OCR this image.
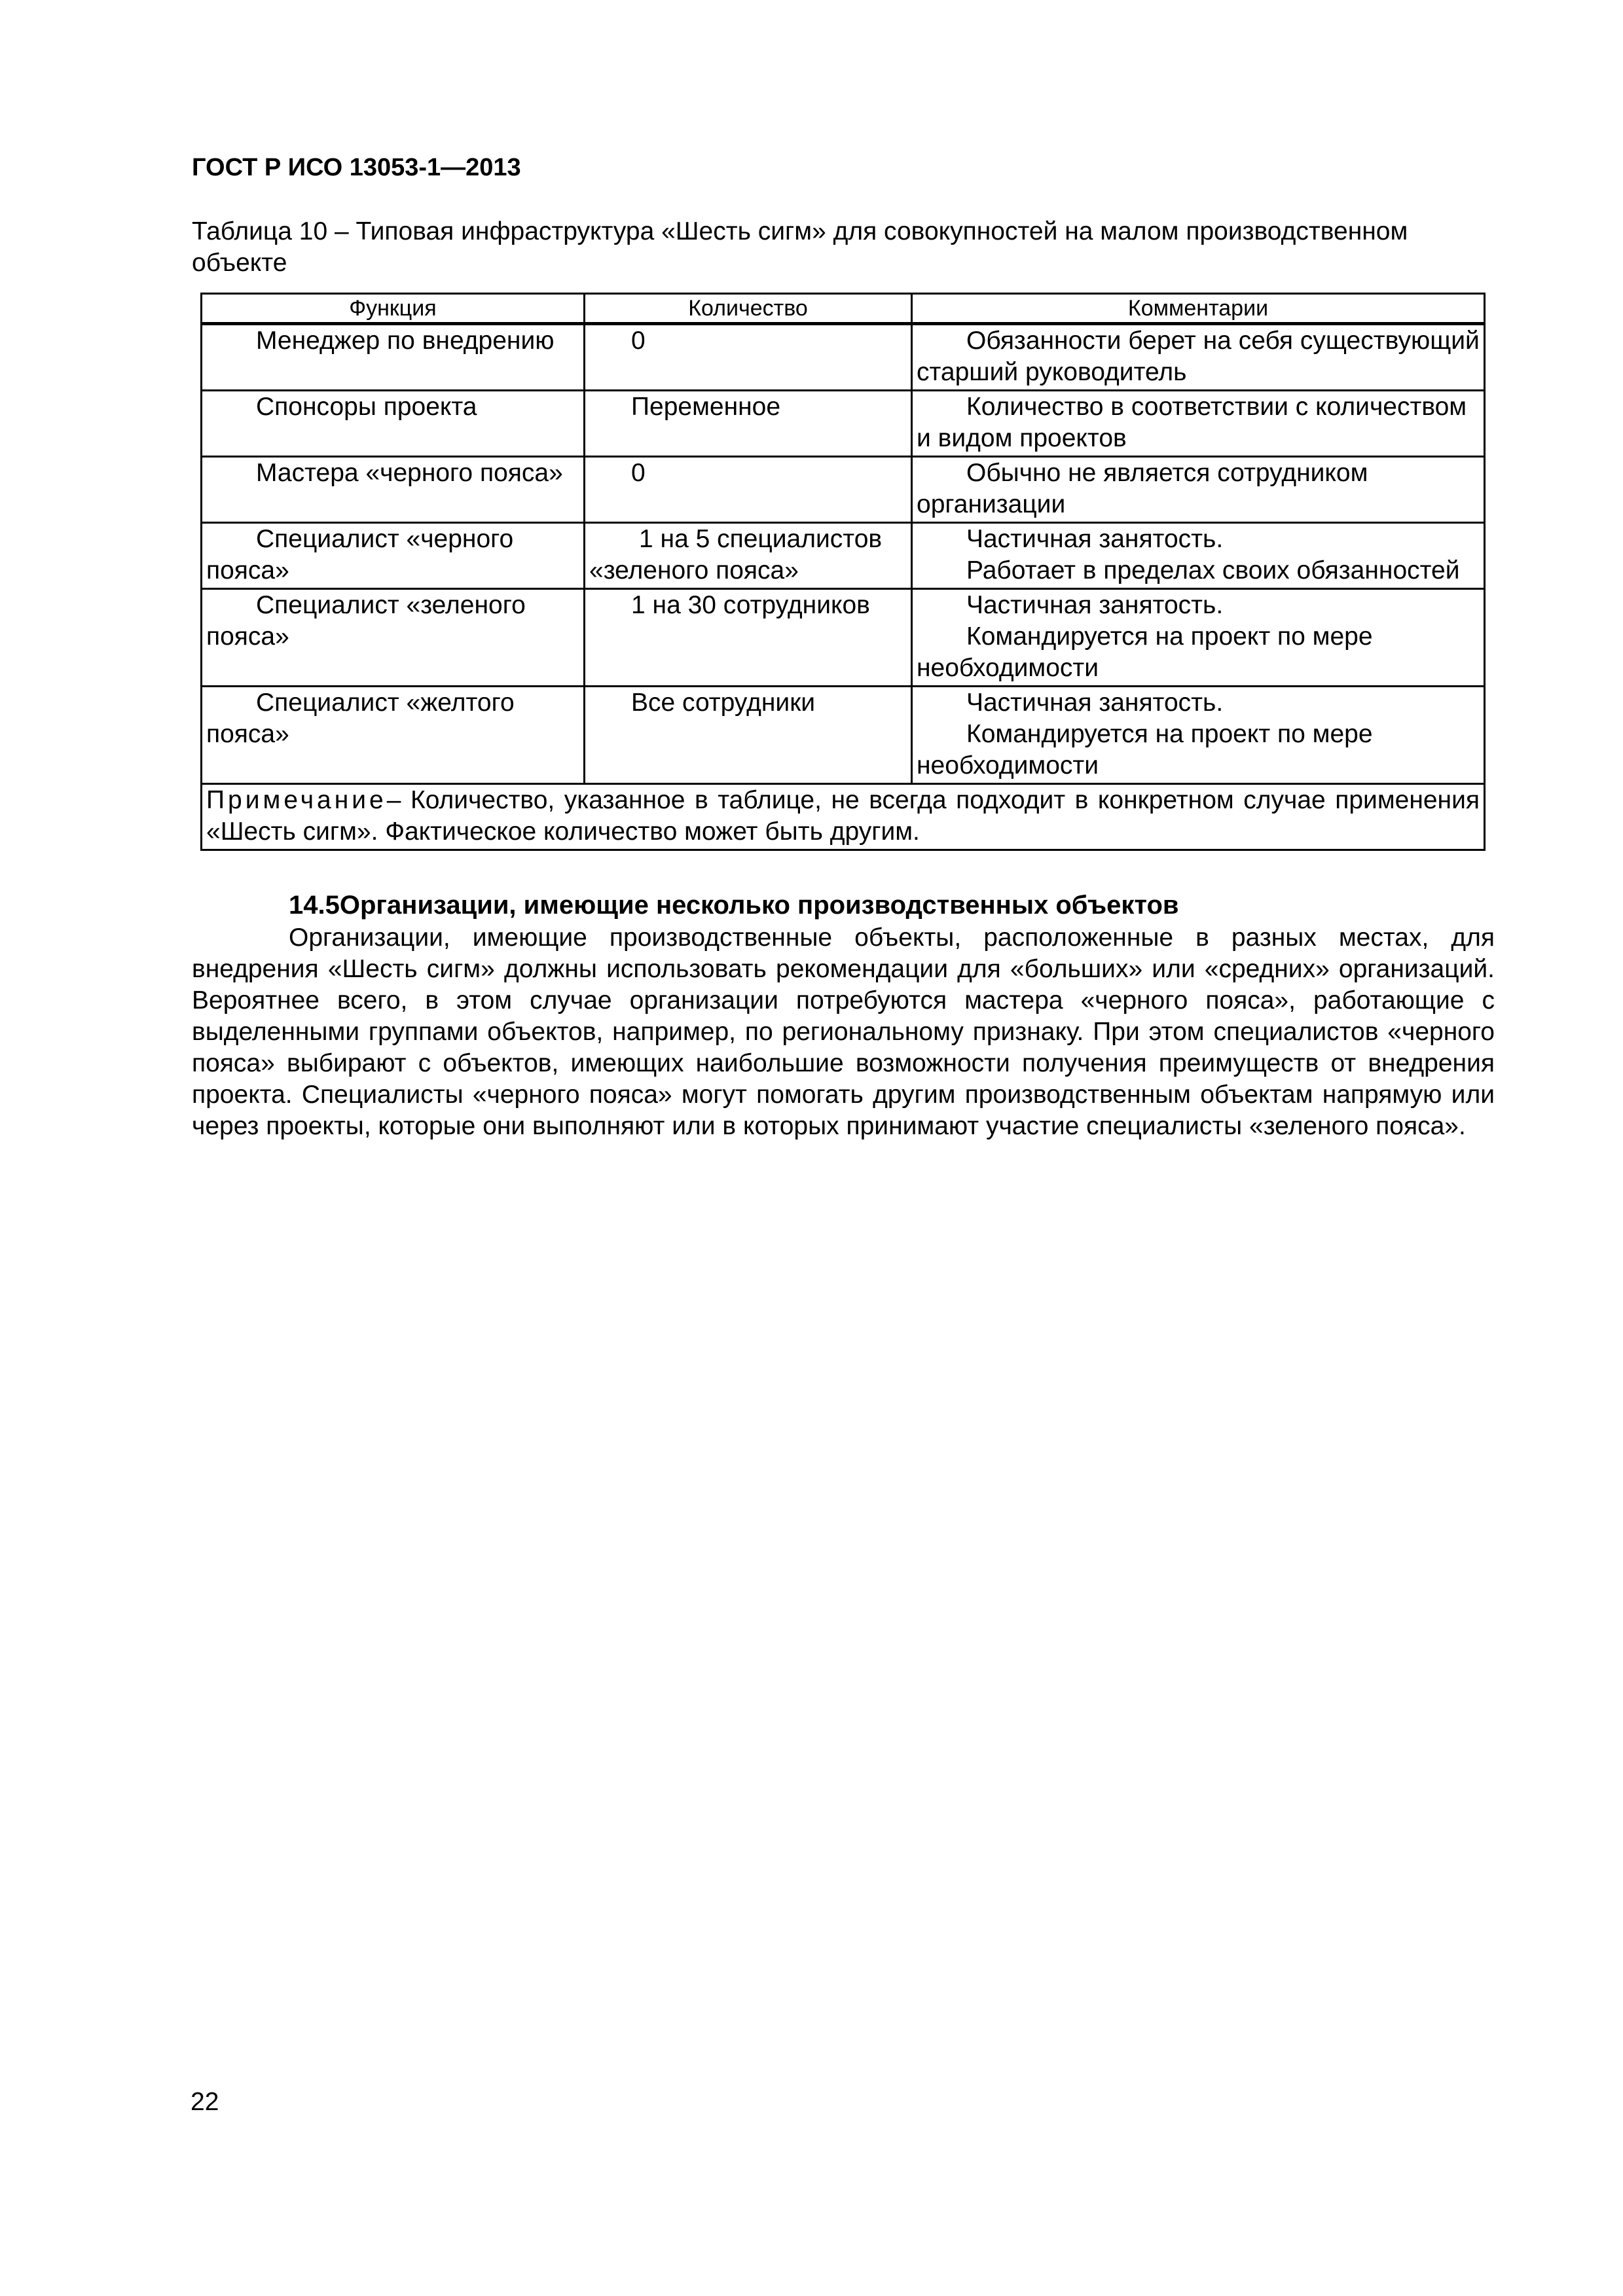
ГОСТ Р ИСО 13053-1—2013
Таблица 10 – Типовая инфраструктура «Шесть сигм» для совокупностей на малом производственном объекте
Функция	Количество	Комментарии
Менеджер по внедрению	0	Обязанности берет на себя существующий старший руководитель

Спонсоры проекта	Переменное	Количество в соответствии с количеством и видом проектов

Мастера «черного пояса»	0	Обычно не является сотрудником организации

Специалист «черного пояса»	1 на 5 специалистов «зеленого пояса»	Частичная занятость.
Работает в пределах своих обязанностей

Специалист «зеленого пояса»	1 на 30 сотрудников	Частичная занятость.
Командируется на проект по мере необходимости

Специалист «желтого пояса»	Все сотрудники	Частичная занятость.
Командируется на проект по мере необходимости

Примечание– Количество, указанное в таблице, не всегда подходит в конкретном случае применения «Шесть сигм». Фактическое количество может быть другим.		
14.5Организации, имеющие несколько производственных объектов

Организации, имеющие производственные объекты, расположенные в разных местах, для внедрения «Шесть сигм» должны использовать рекомендации для «больших» или «средних» организаций. Вероятнее всего, в этом случае организации потребуются мастера «черного пояса», работающие с выделенными группами объектов, например, по региональному признаку. При этом специалистов «черного пояса» выбирают с объектов, имеющих наибольшие возможности получения преимуществ от внедрения проекта. Специалисты «черного пояса» могут помогать другим производственным объектам напрямую или через проекты, которые они выполняют или в которых принимают участие специалисты «зеленого пояса».

22
